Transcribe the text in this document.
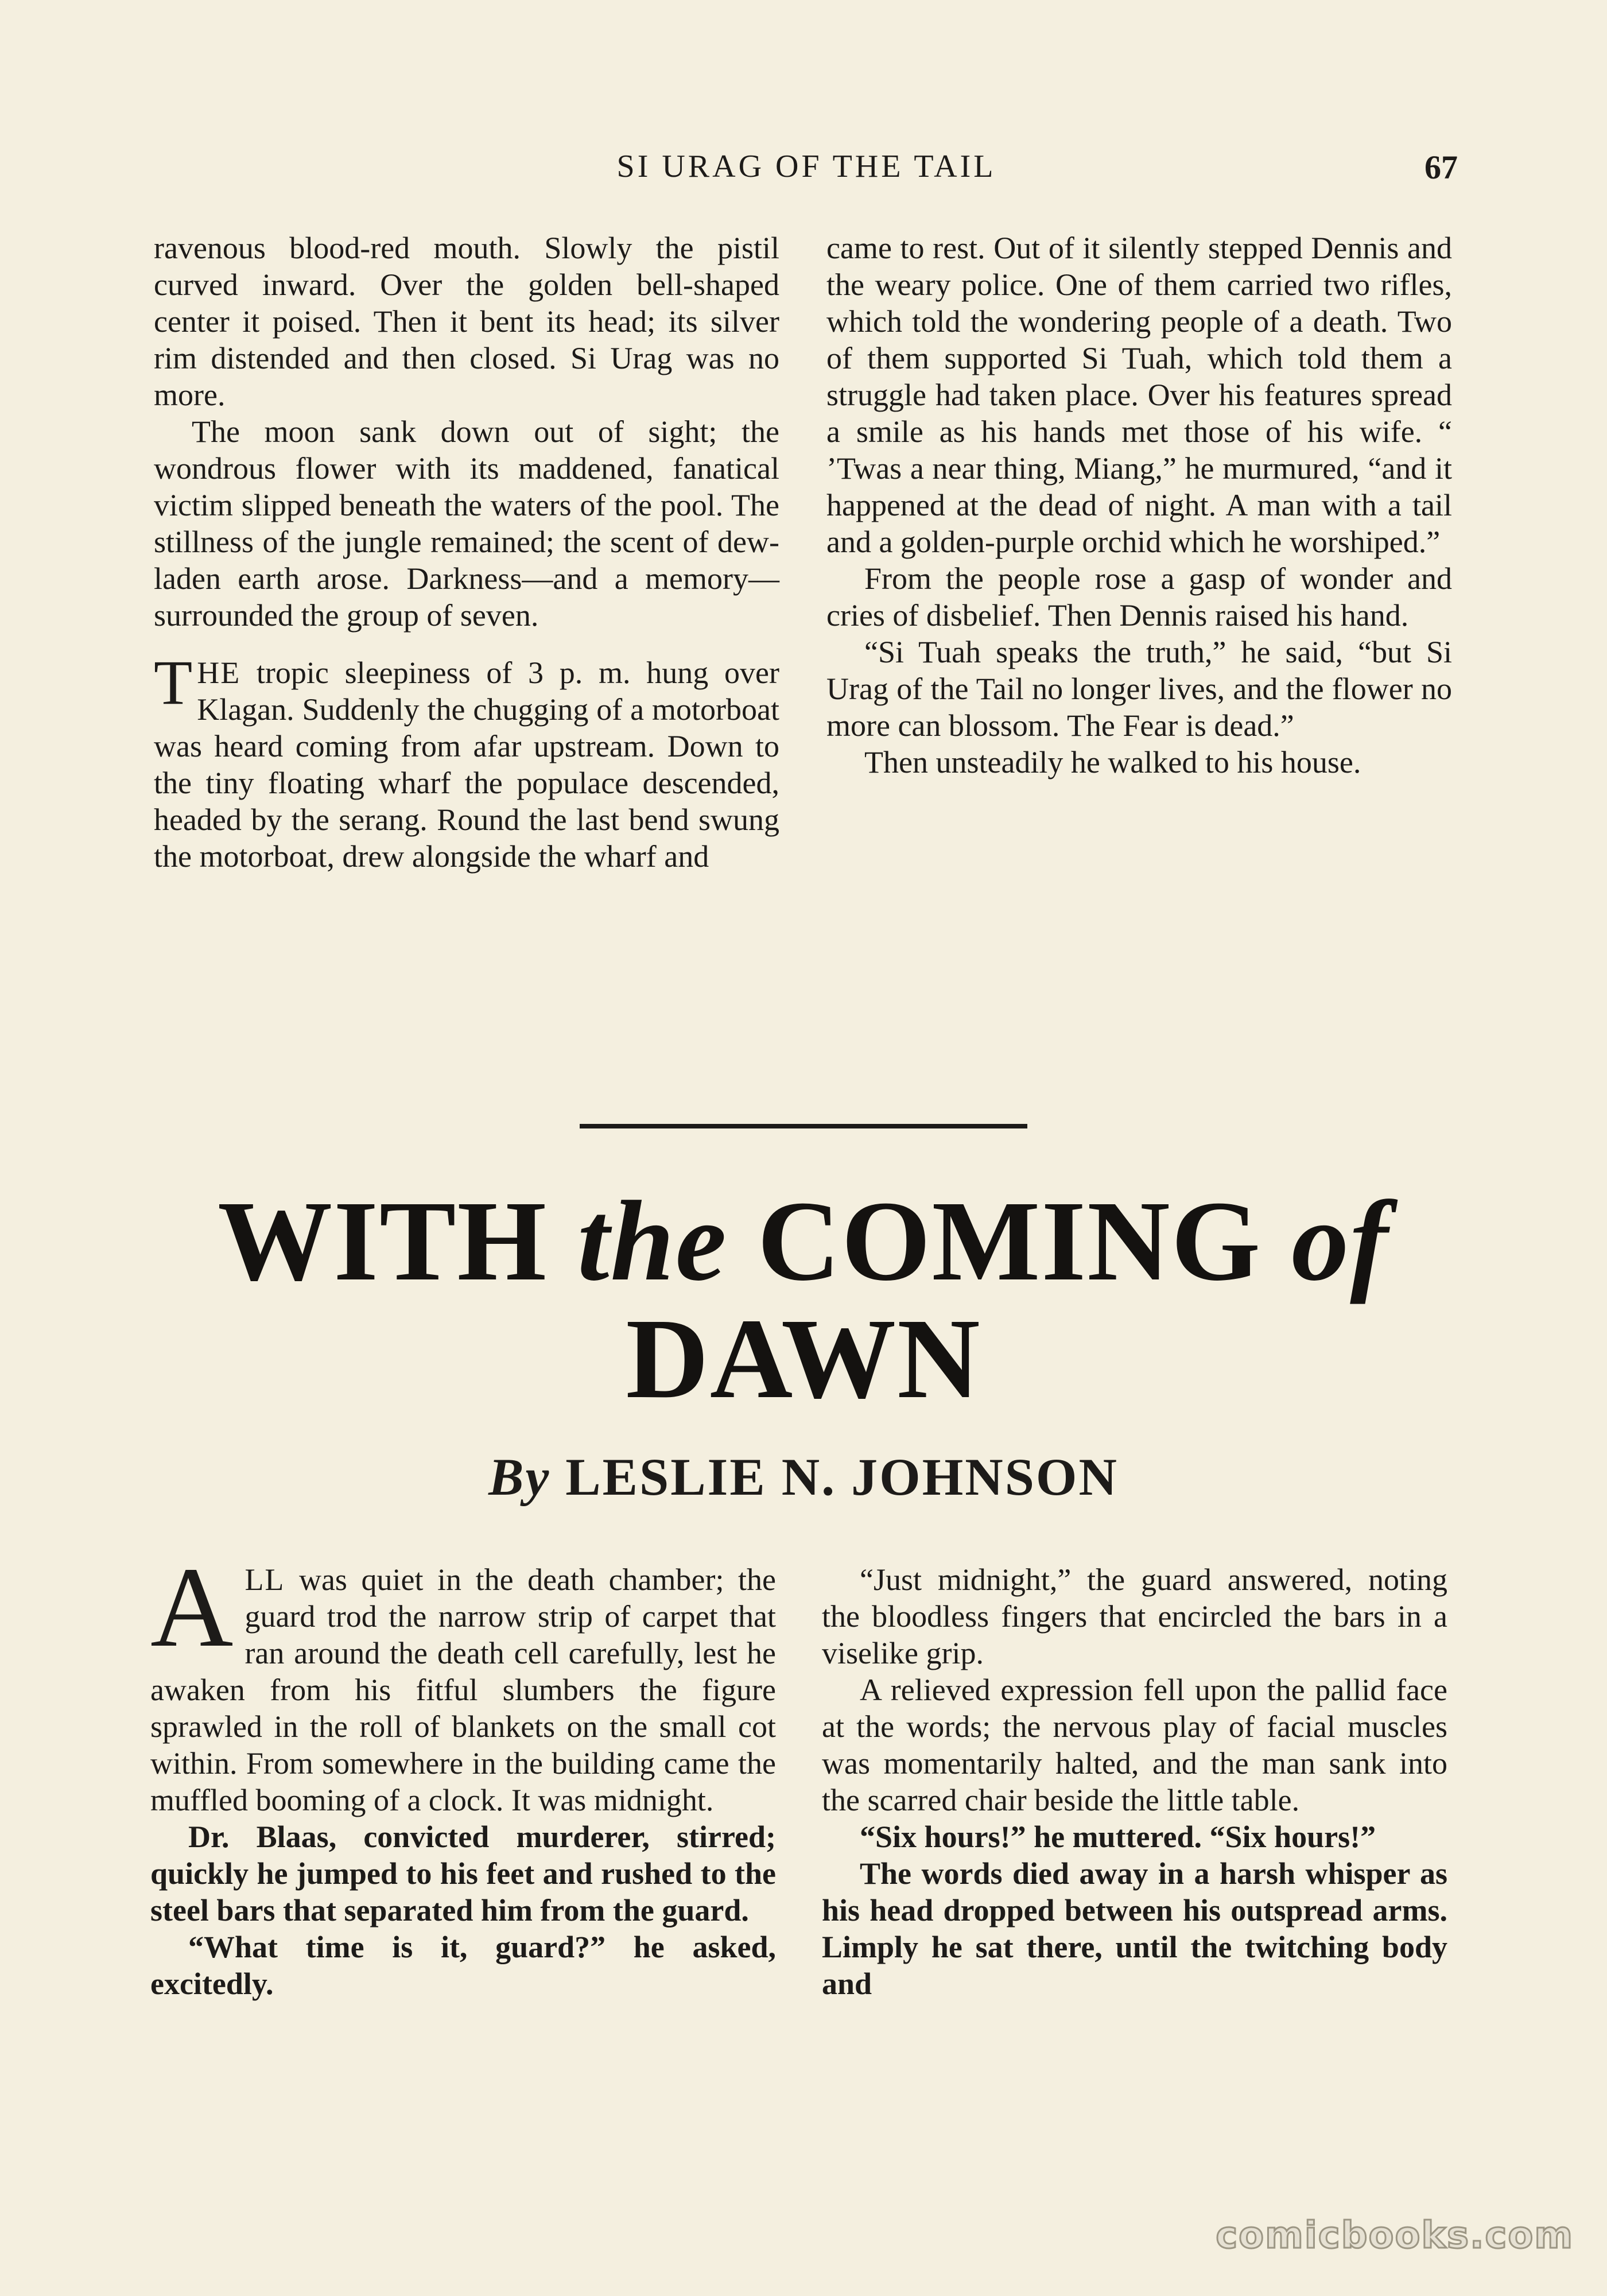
SI URAG OF THE TAIL	67

ravenous blood-red mouth. Slowly the pistil curved inward. Over the golden bell-shaped center it poised. Then it bent its head; its silver rim distended and then closed. Si Urag was no more.

The moon sank down out of sight; the wondrous flower with its maddened, fanatical victim slipped beneath the waters of the pool. The stillness of the jungle remained; the scent of dew-laden earth arose. Darkness—and a memory—surrounded the group of seven.

THE tropic sleepiness of 3 p. m. hung over Klagan. Suddenly the chugging of a motorboat was heard coming from afar upstream. Down to the tiny floating wharf the populace descended, headed by the serang. Round the last bend swung the motorboat, drew alongside the wharf and

came to rest. Out of it silently stepped Dennis and the weary police. One of them carried two rifles, which told the wondering people of a death. Two of them supported Si Tuah, which told them a struggle had taken place. Over his features spread a smile as his hands met those of his wife. “ ’Twas a near thing, Miang,” he murmured, “and it happened at the dead of night. A man with a tail and a golden-purple orchid which he worshiped.”

From the people rose a gasp of wonder and cries of disbelief. Then Dennis raised his hand.

“Si Tuah speaks the truth,” he said, “but Si Urag of the Tail no longer lives, and the flower no more can blossom. The Fear is dead.”

Then unsteadily he walked to his house.

WITH the COMING of
DAWN
By LESLIE N. JOHNSON

ALL was quiet in the death chamber; the guard trod the narrow strip of carpet that ran around the death cell carefully, lest he awaken from his fitful slumbers the figure sprawled in the roll of blankets on the small cot within. From somewhere in the building came the muffled booming of a clock. It was midnight.

Dr. Blaas, convicted murderer, stirred; quickly he jumped to his feet and rushed to the steel bars that separated him from the guard.

“What time is it, guard?” he asked, excitedly.

“Just midnight,” the guard answered, noting the bloodless fingers that encircled the bars in a viselike grip.

A relieved expression fell upon the pallid face at the words; the nervous play of facial muscles was momentarily halted, and the man sank into the scarred chair beside the little table.

“Six hours!” he muttered. “Six hours!”

The words died away in a harsh whisper as his head dropped between his outspread arms. Limply he sat there, until the twitching body and

comicbooks.com
